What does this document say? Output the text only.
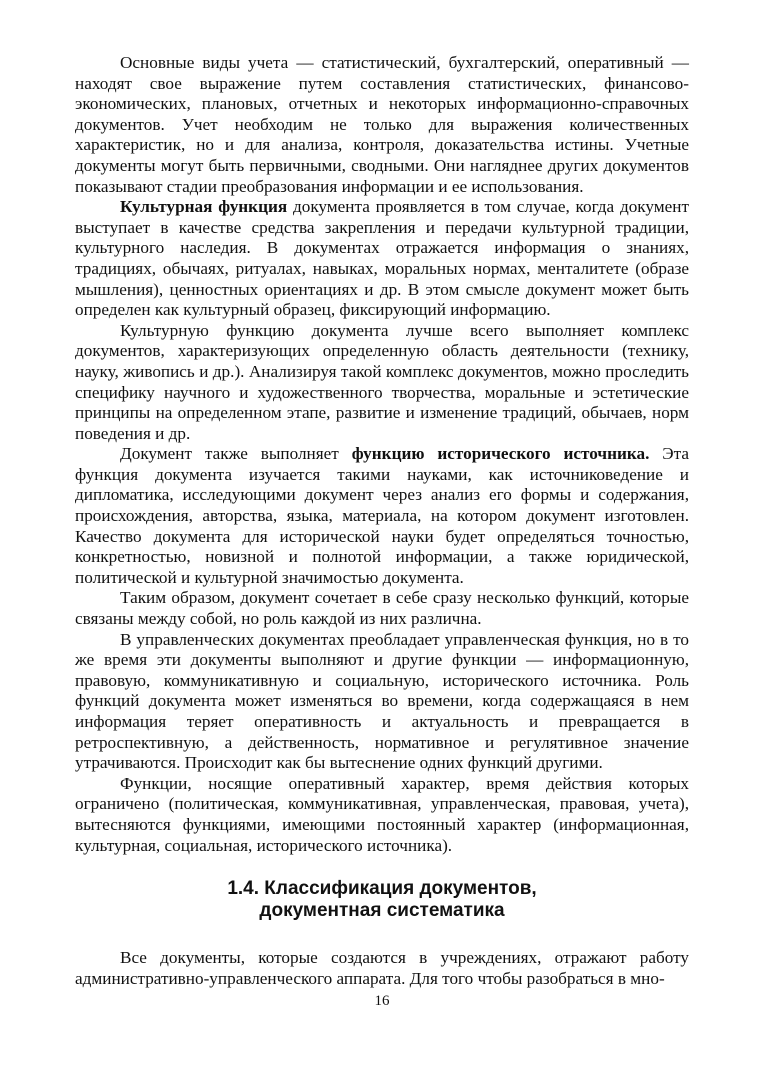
Основные виды учета — статистический, бухгалтерский, оперативный — находят свое выражение путем составления статистических, финансово-экономических, плановых, отчетных и некоторых информационно-справочных документов. Учет необходим не только для выражения количественных характеристик, но и для анализа, контроля, доказательства истины. Учетные документы могут быть первичными, сводными. Они нагляднее других документов показывают стадии преобразования информации и ее использования.

Культурная функция документа проявляется в том случае, когда документ выступает в качестве средства закрепления и передачи культурной традиции, культурного наследия. В документах отражается информация о знаниях, традициях, обычаях, ритуалах, навыках, моральных нормах, менталитете (образе мышления), ценностных ориентациях и др. В этом смысле документ может быть определен как культурный образец, фиксирующий информацию.

Культурную функцию документа лучше всего выполняет комплекс документов, характеризующих определенную область деятельности (технику, науку, живопись и др.). Анализируя такой комплекс документов, можно проследить специфику научного и художественного творчества, моральные и эстетические принципы на определенном этапе, развитие и изменение традиций, обычаев, норм поведения и др.

Документ также выполняет функцию исторического источника. Эта функция документа изучается такими науками, как источниковедение и дипломатика, исследующими документ через анализ его формы и содержания, происхождения, авторства, языка, материала, на котором документ изготовлен. Качество документа для исторической науки будет определяться точностью, конкретностью, новизной и полнотой информации, а также юридической, политической и культурной значимостью документа.

Таким образом, документ сочетает в себе сразу несколько функций, которые связаны между собой, но роль каждой из них различна.

В управленческих документах преобладает управленческая функция, но в то же время эти документы выполняют и другие функции — информационную, правовую, коммуникативную и социальную, исторического источника. Роль функций документа может изменяться во времени, когда содержащаяся в нем информация теряет оперативность и актуальность и превращается в ретроспективную, а действенность, нормативное и регулятивное значение утрачиваются. Происходит как бы вытеснение одних функций другими.

Функции, носящие оперативный характер, время действия которых ограничено (политическая, коммуникативная, управленческая, правовая, учета), вытесняются функциями, имеющими постоянный характер (информационная, культурная, социальная, исторического источника).

1.4. Классификация документов,
документная систематика

Все документы, которые создаются в учреждениях, отражают работу административно-управленческого аппарата. Для того чтобы разобраться в мно-

16
